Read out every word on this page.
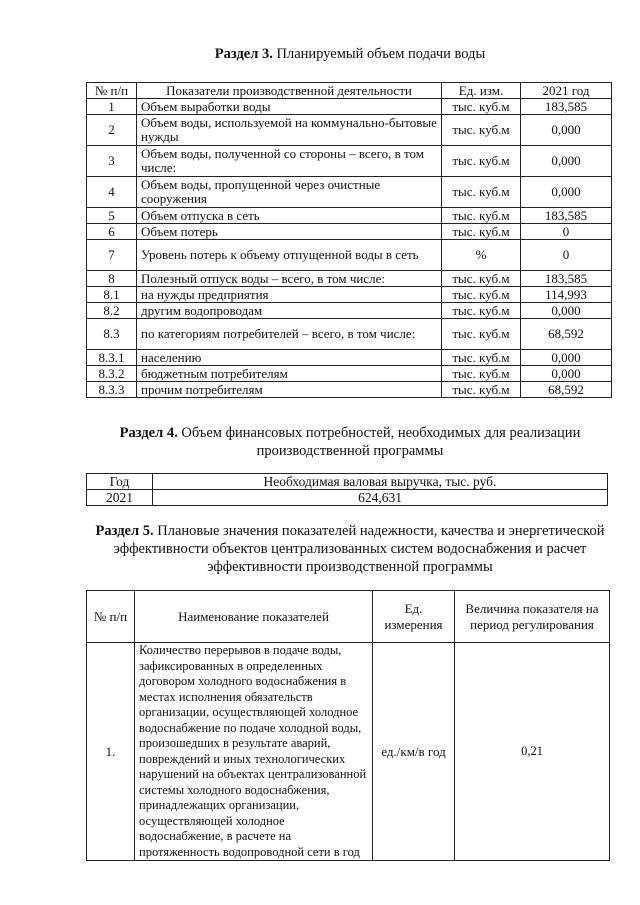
Раздел 3. Планируемый объем подачи воды
№ п/п	Показатели производственной деятельности	Ед. изм.	2021 год
1	Объем выработки воды	тыс. куб.м	183,585
2	Объем воды, используемой на коммунально-бытовые нужды	тыс. куб.м	0,000
3	Объем воды, полученной со стороны – всего, в том числе:	тыс. куб.м	0,000
4	Объем воды, пропущенной через очистные сооружения	тыс. куб.м	0,000
5	Объем отпуска в сеть	тыс. куб.м	183,585
6	Объем потерь	тыс. куб.м	0
7	Уровень потерь к объему отпущенной воды в сеть	%	0
8	Полезный отпуск воды – всего, в том числе:	тыс. куб.м	183,585
8.1	на нужды предприятия	тыс. куб.м	114,993
8.2	другим водопроводам	тыс. куб.м	0,000
8.3	по категориям потребителей – всего, в том числе:	тыс. куб.м	68,592
8.3.1	населению	тыс. куб.м	0,000
8.3.2	бюджетным потребителям	тыс. куб.м	0,000
8.3.3	прочим потребителям	тыс. куб.м	68,592
Раздел 4. Объем финансовых потребностей, необходимых для реализации производственной программы
Год	Необходимая валовая выручка, тыс. руб.
2021	624,631
Раздел 5. Плановые значения показателей надежности, качества и энергетической эффективности объектов централизованных систем водоснабжения и расчет эффективности производственной программы
№ п/п	Наименование показателей	Ед. измерения	Величина показателя на период регулирования
1.	Количество перерывов в подаче воды, зафиксированных в определенных договором холодного водоснабжения в местах исполнения обязательств организации, осуществляющей холодное водоснабжение по подаче холодной воды, произошедших в результате аварий, повреждений и иных технологических нарушений на объектах централизованной системы холодного водоснабжения, принадлежащих организации, осуществляющей холодное водоснабжение, в расчете на протяженность водопроводной сети в год	ед./км/в год	0,21
